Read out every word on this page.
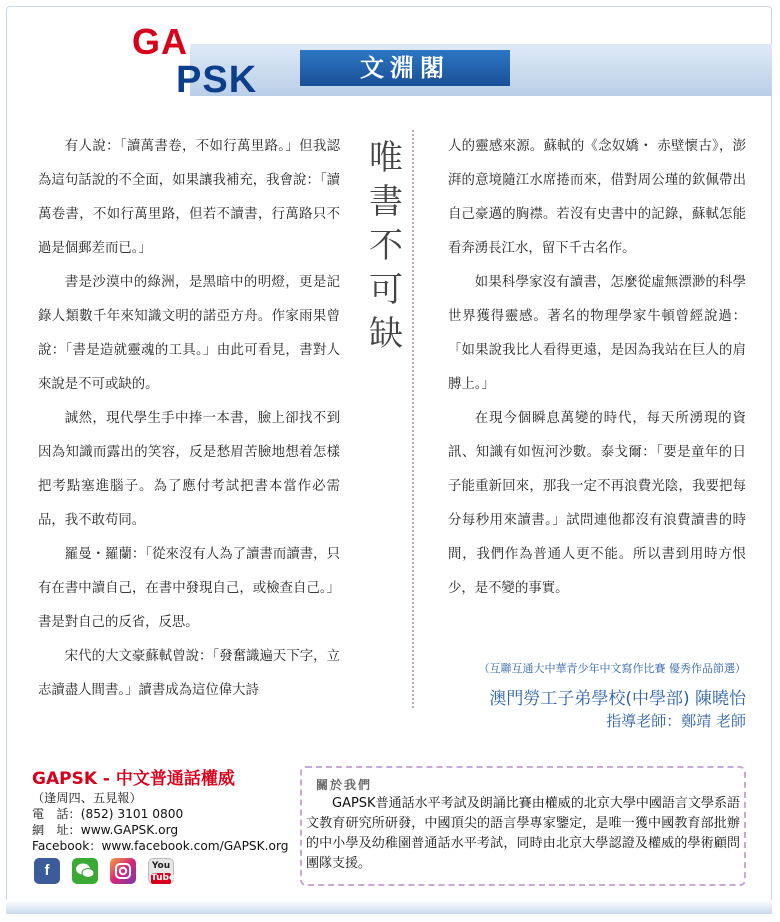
文淵閣
GA
PSK

有人說：「讀萬書卷，不如行萬里路。」但我認為這句話說的不全面，如果讓我補充，我會說：「讀萬卷書，不如行萬里路，但若不讀書，行萬路只不過是個郵差而已。」

書是沙漠中的綠洲，是黑暗中的明燈，更是記錄人類數千年來知識文明的諾亞方舟。作家雨果曾說：「書是造就靈魂的工具。」由此可看見，書對人來說是不可或缺的。

誠然，現代學生手中捧一本書，臉上卻找不到因為知識而露出的笑容，反是愁眉苦臉地想着怎樣把考點塞進腦子。為了應付考試把書本當作必需品，我不敢苟同。

羅曼・羅蘭：「從來沒有人為了讀書而讀書，只有在書中讀自己，在書中發現自己，或檢查自己。」書是對自己的反省，反思。

宋代的大文豪蘇軾曾說：「發奮識遍天下字，立志讀盡人間書。」讀書成為這位偉大詩

唯
書
不
可
缺

人的靈感來源。蘇軾的《念奴嬌・ 赤壁懷古》，澎湃的意境隨江水席捲而來，借對周公瑾的欽佩帶出自己豪邁的胸襟。若沒有史書中的記錄，蘇軾怎能看奔湧長江水，留下千古名作。

如果科學家沒有讀書，怎麼從虛無漂渺的科學世界獲得靈感。著名的物理學家牛頓曾經說過：「如果說我比人看得更遠，是因為我站在巨人的肩膊上。」

在現今個瞬息萬變的時代，每天所湧現的資訊、知識有如恆河沙數。泰戈爾：「要是童年的日子能重新回來，那我一定不再浪費光陰，我要把每分每秒用來讀書。」試問連他都沒有浪費讀書的時間，我們作為普通人更不能。所以書到用時方恨少，是不變的事實。

（互聯互通大中華青少年中文寫作比賽 優秀作品節選）
澳門勞工子弟學校(中學部) 陳曉怡
指導老師：鄭靖 老師
GAPSK - 中文普通話權威
（逢周四、五見報）
電　話：(852) 3101 0800
網　址：www.GAPSK.org
Facebook：www.facebook.com/GAPSK.org
f	You
Tube
關於我們
GAPSK普通話水平考試及朗誦比賽由權威的北京大學中國語言文學系語文教育研究所研發，中國頂尖的語言學專家鑒定，是唯一獲中國教育部批辦的中小學及幼稚園普通話水平考試，同時由北京大學認證及權威的學術顧問團隊支援。
